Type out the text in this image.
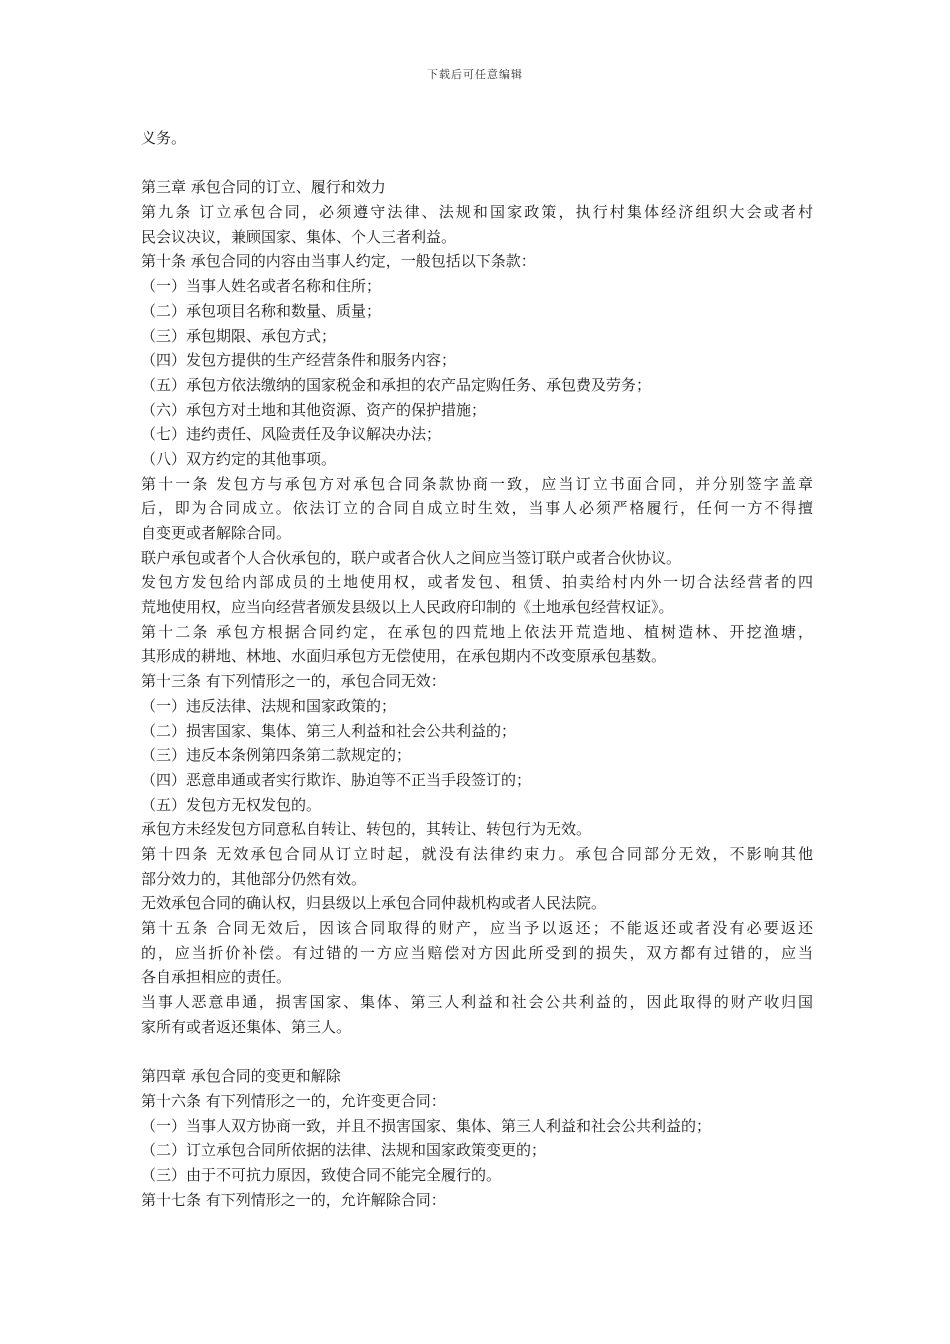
下载后可任意编辑
义务。
第三章 承包合同的订立、履行和效力
第九条 订立承包合同，必须遵守法律、法规和国家政策，执行村集体经济组织大会或者村
民会议决议，兼顾国家、集体、个人三者利益。
第十条 承包合同的内容由当事人约定，一般包括以下条款：
（一）当事人姓名或者名称和住所；
（二）承包项目名称和数量、质量；
（三）承包期限、承包方式；
（四）发包方提供的生产经营条件和服务内容；
（五）承包方依法缴纳的国家税金和承担的农产品定购任务、承包费及劳务；
（六）承包方对土地和其他资源、资产的保护措施；
（七）违约责任、风险责任及争议解决办法；
（八）双方约定的其他事项。
第十一条 发包方与承包方对承包合同条款协商一致，应当订立书面合同，并分别签字盖章
后，即为合同成立。依法订立的合同自成立时生效，当事人必须严格履行，任何一方不得擅
自变更或者解除合同。
联户承包或者个人合伙承包的，联户或者合伙人之间应当签订联户或者合伙协议。
发包方发包给内部成员的土地使用权，或者发包、租赁、拍卖给村内外一切合法经营者的四
荒地使用权，应当向经营者颁发县级以上人民政府印制的《土地承包经营权证》。
第十二条 承包方根据合同约定，在承包的四荒地上依法开荒造地、植树造林、开挖渔塘，
其形成的耕地、林地、水面归承包方无偿使用，在承包期内不改变原承包基数。
第十三条 有下列情形之一的，承包合同无效：
（一）违反法律、法规和国家政策的；
（二）损害国家、集体、第三人利益和社会公共利益的；
（三）违反本条例第四条第二款规定的；
（四）恶意串通或者实行欺诈、胁迫等不正当手段签订的；
（五）发包方无权发包的。
承包方未经发包方同意私自转让、转包的，其转让、转包行为无效。
第十四条 无效承包合同从订立时起，就没有法律约束力。承包合同部分无效，不影响其他
部分效力的，其他部分仍然有效。
无效承包合同的确认权，归县级以上承包合同仲裁机构或者人民法院。
第十五条 合同无效后，因该合同取得的财产，应当予以返还；不能返还或者没有必要返还
的，应当折价补偿。有过错的一方应当赔偿对方因此所受到的损失，双方都有过错的，应当
各自承担相应的责任。
当事人恶意串通，损害国家、集体、第三人利益和社会公共利益的，因此取得的财产收归国
家所有或者返还集体、第三人。
第四章 承包合同的变更和解除
第十六条 有下列情形之一的，允许变更合同：
（一）当事人双方协商一致，并且不损害国家、集体、第三人利益和社会公共利益的；
（二）订立承包合同所依据的法律、法规和国家政策变更的；
（三）由于不可抗力原因，致使合同不能完全履行的。
第十七条 有下列情形之一的，允许解除合同：
